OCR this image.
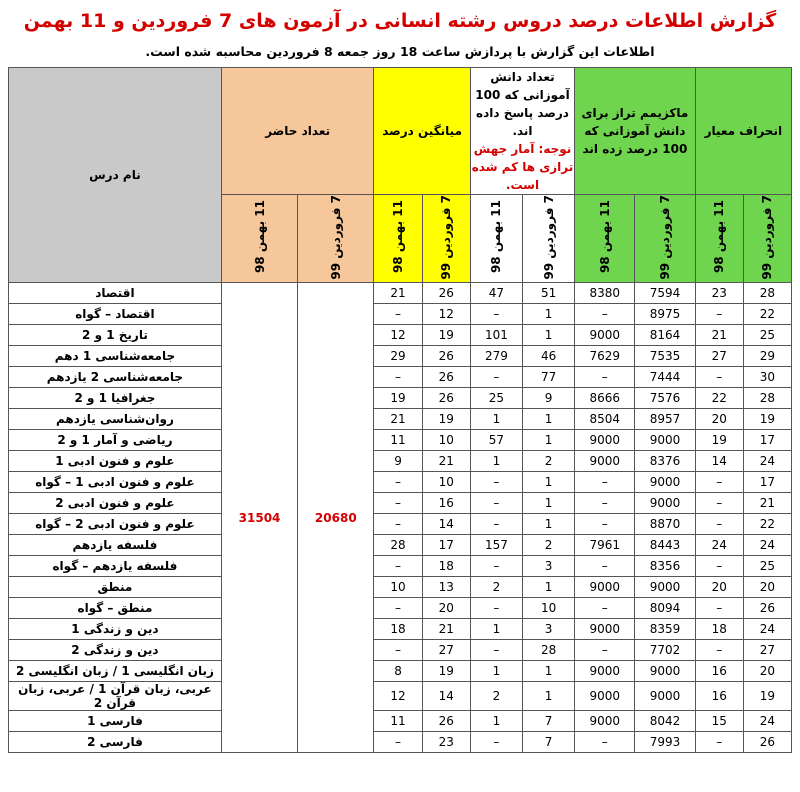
گزارش اطلاعات درصد دروس رشته انسانی در آزمون های 7 فروردین و 11 بهمن
اطلاعات این گزارش با پردازش ساعت 18 روز جمعه 8 فروردین محاسبه شده است.
انحراف معیار		ماکزیمم تراز برای دانش آموزانی که 100 درصد زده اند		تعداد دانش آموزانی که 100 درصد پاسخ داده اند.
نوجه: آمار جهش ترازی ها کم شده است.		میانگین درصد		تعداد حاضر		نام درس
7 فروردین 99	11 بهمن 98	7 فروردین 99	11 بهمن 98	7 فروردین 99	11 بهمن 98	7 فروردین 99	11 بهمن 98	7 فروردین 99	11 بهمن 98	
28	23	7594	8380	51	47	26	21	20680	31504	اقتصاد
22	–	8975	–	1	–	12	–			اقتصاد – گواه
25	21	8164	9000	1	101	19	12			تاریخ 1 و 2
29	27	7535	7629	46	279	26	29			جامعه‌شناسی 1 دهم
30	–	7444	–	77	–	26	–			جامعه‌شناسی 2 یازدهم
28	22	7576	8666	9	25	26	19			جغرافیا 1 و 2
19	20	8957	8504	1	1	19	21			روان‌شناسی یازدهم
17	19	9000	9000	1	57	10	11			ریاضی و آمار 1 و 2
24	14	8376	9000	2	1	21	9			علوم و فنون ادبی 1
17	–	9000	–	1	–	10	–			علوم و فنون ادبی 1 – گواه
21	–	9000	–	1	–	16	–			علوم و فنون ادبی 2
22	–	8870	–	1	–	14	–			علوم و فنون ادبی 2 – گواه
24	24	8443	7961	2	157	17	28			فلسفه یازدهم
25	–	8356	–	3	–	18	–			فلسفه یازدهم – گواه
20	20	9000	9000	1	2	13	10			منطق
26	–	8094	–	10	–	20	–			منطق – گواه
24	18	8359	9000	3	1	21	18			دین و زندگی 1
27	–	7702	–	28	–	27	–			دین و زندگی 2
20	16	9000	9000	1	1	19	8			زبان انگلیسی 1 / زبان انگلیسی 2
19	16	9000	9000	1	2	14	12			عربی، زبان قرآن 1 / عربی، زبان قرآن 2
24	15	8042	9000	7	1	26	11			فارسی 1
26	–	7993	–	7	–	23	–			فارسی 2
